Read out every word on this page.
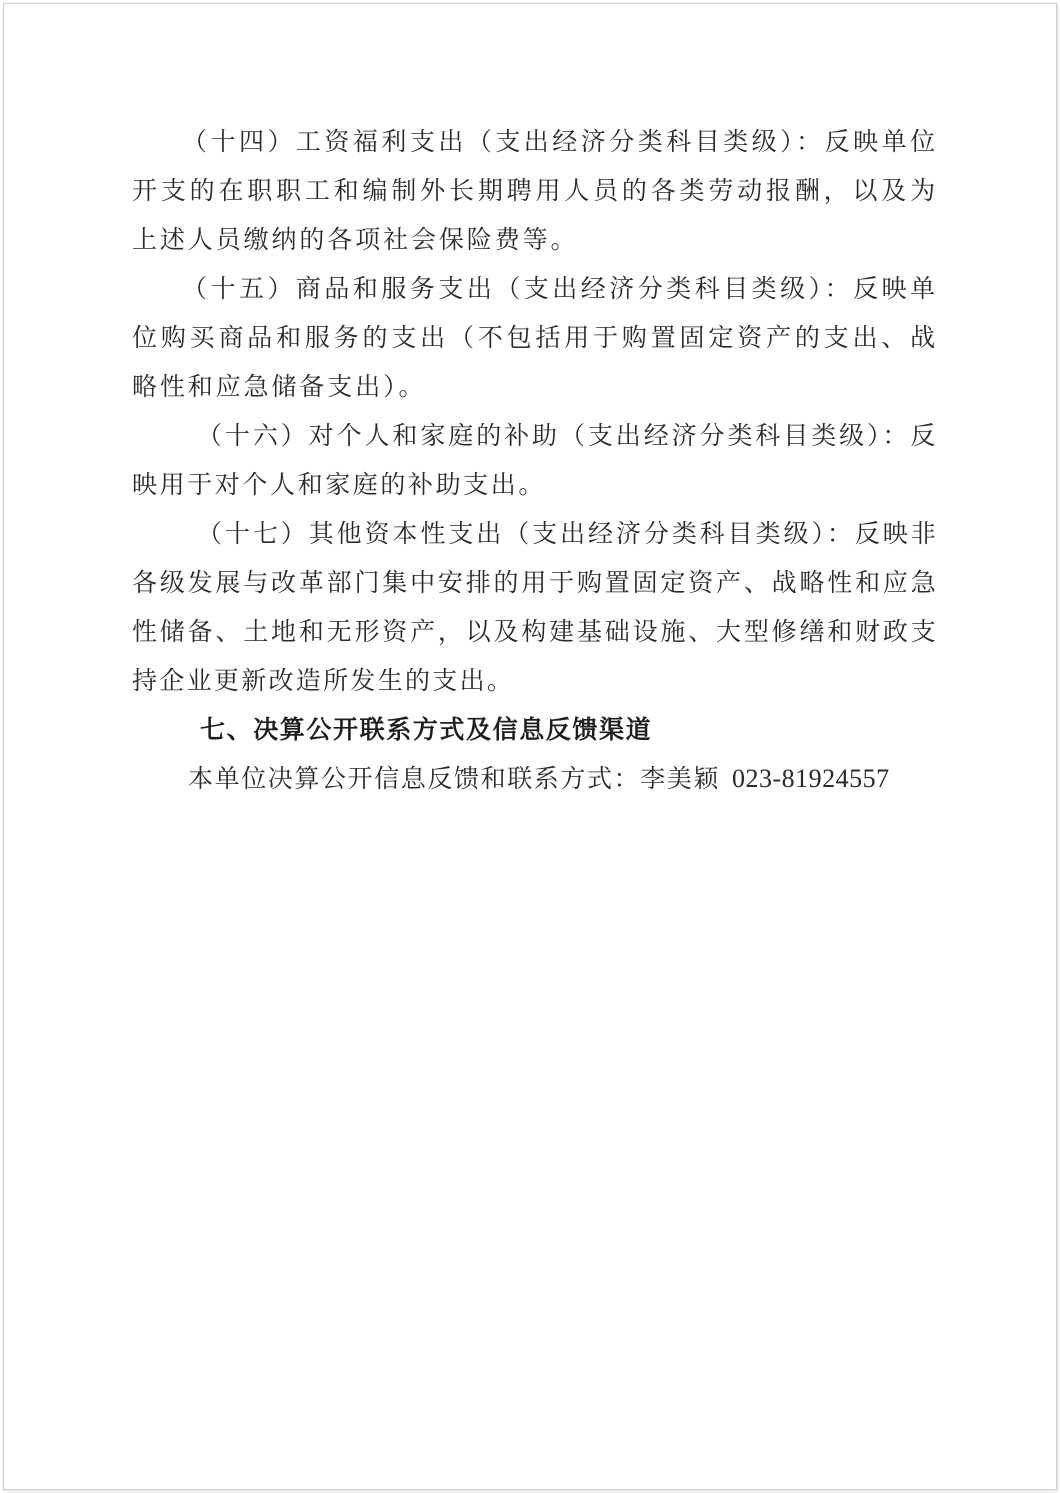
（十四）工资福利支出（支出经济分类科目类级）：反映单位开支的在职职工和编制外长期聘用人员的各类劳动报酬，以及为上述人员缴纳的各项社会保险费等。

（十五）商品和服务支出（支出经济分类科目类级）：反映单位购买商品和服务的支出（不包括用于购置固定资产的支出、战略性和应急储备支出）。

（十六）对个人和家庭的补助（支出经济分类科目类级）：反映用于对个人和家庭的补助支出。

（十七）其他资本性支出（支出经济分类科目类级）：反映非各级发展与改革部门集中安排的用于购置固定资产、战略性和应急性储备、土地和无形资产，以及构建基础设施、大型修缮和财政支持企业更新改造所发生的支出。

七、决算公开联系方式及信息反馈渠道

本单位决算公开信息反馈和联系方式：李美颖 023-81924557
